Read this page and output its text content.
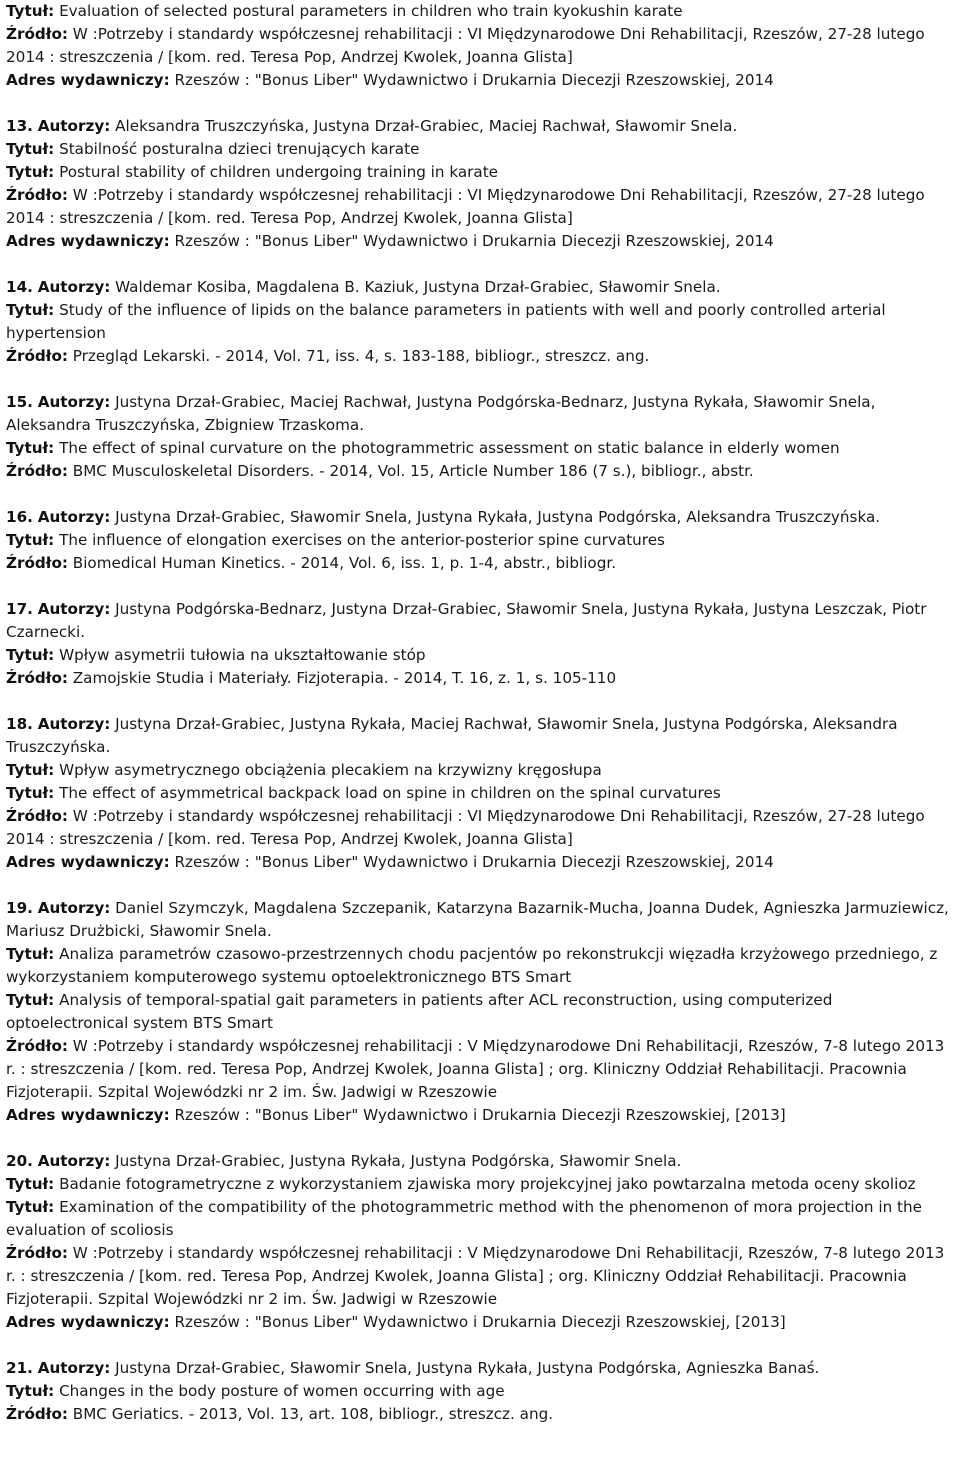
Tytuł: Evaluation of selected postural parameters in children who train kyokushin karate

Źródło: W :Potrzeby i standardy współczesnej rehabilitacji : VI Międzynarodowe Dni Rehabilitacji, Rzeszów, 27-28 lutego 2014 : streszczenia / [kom. red. Teresa Pop, Andrzej Kwolek, Joanna Glista]

Adres wydawniczy: Rzeszów : "Bonus Liber" Wydawnictwo i Drukarnia Diecezji Rzeszowskiej, 2014

13. Autorzy: Aleksandra Truszczyńska, Justyna Drzał-Grabiec, Maciej Rachwał, Sławomir Snela.

Tytuł: Stabilność posturalna dzieci trenujących karate

Tytuł: Postural stability of children undergoing training in karate

Źródło: W :Potrzeby i standardy współczesnej rehabilitacji : VI Międzynarodowe Dni Rehabilitacji, Rzeszów, 27-28 lutego 2014 : streszczenia / [kom. red. Teresa Pop, Andrzej Kwolek, Joanna Glista]

Adres wydawniczy: Rzeszów : "Bonus Liber" Wydawnictwo i Drukarnia Diecezji Rzeszowskiej, 2014

14. Autorzy: Waldemar Kosiba, Magdalena B. Kaziuk, Justyna Drzał-Grabiec, Sławomir Snela.

Tytuł: Study of the influence of lipids on the balance parameters in patients with well and poorly controlled arterial hypertension

Źródło: Przegląd Lekarski. - 2014, Vol. 71, iss. 4, s. 183-188, bibliogr., streszcz. ang.

15. Autorzy: Justyna Drzał-Grabiec, Maciej Rachwał, Justyna Podgórska-Bednarz, Justyna Rykała, Sławomir Snela, Aleksandra Truszczyńska, Zbigniew Trzaskoma.

Tytuł: The effect of spinal curvature on the photogrammetric assessment on static balance in elderly women

Źródło: BMC Musculoskeletal Disorders. - 2014, Vol. 15, Article Number 186 (7 s.), bibliogr., abstr.

16. Autorzy: Justyna Drzał-Grabiec, Sławomir Snela, Justyna Rykała, Justyna Podgórska, Aleksandra Truszczyńska.

Tytuł: The influence of elongation exercises on the anterior-posterior spine curvatures

Źródło: Biomedical Human Kinetics. - 2014, Vol. 6, iss. 1, p. 1-4, abstr., bibliogr.

17. Autorzy: Justyna Podgórska-Bednarz, Justyna Drzał-Grabiec, Sławomir Snela, Justyna Rykała, Justyna Leszczak, Piotr Czarnecki.

Tytuł: Wpływ asymetrii tułowia na ukształtowanie stóp

Źródło: Zamojskie Studia i Materiały. Fizjoterapia. - 2014, T. 16, z. 1, s. 105-110

18. Autorzy: Justyna Drzał-Grabiec, Justyna Rykała, Maciej Rachwał, Sławomir Snela, Justyna Podgórska, Aleksandra Truszczyńska.

Tytuł: Wpływ asymetrycznego obciążenia plecakiem na krzywizny kręgosłupa

Tytuł: The effect of asymmetrical backpack load on spine in children on the spinal curvatures

Źródło: W :Potrzeby i standardy współczesnej rehabilitacji : VI Międzynarodowe Dni Rehabilitacji, Rzeszów, 27-28 lutego 2014 : streszczenia / [kom. red. Teresa Pop, Andrzej Kwolek, Joanna Glista]

Adres wydawniczy: Rzeszów : "Bonus Liber" Wydawnictwo i Drukarnia Diecezji Rzeszowskiej, 2014

19. Autorzy: Daniel Szymczyk, Magdalena Szczepanik, Katarzyna Bazarnik-Mucha, Joanna Dudek, Agnieszka Jarmuziewicz, Mariusz Drużbicki, Sławomir Snela.

Tytuł: Analiza parametrów czasowo-przestrzennych chodu pacjentów po rekonstrukcji więzadła krzyżowego przedniego, z wykorzystaniem komputerowego systemu optoelektronicznego BTS Smart

Tytuł: Analysis of temporal-spatial gait parameters in patients after ACL reconstruction, using computerized optoelectronical system BTS Smart

Źródło: W :Potrzeby i standardy współczesnej rehabilitacji : V Międzynarodowe Dni Rehabilitacji, Rzeszów, 7-8 lutego 2013 r. : streszczenia / [kom. red. Teresa Pop, Andrzej Kwolek, Joanna Glista] ; org. Kliniczny Oddział Rehabilitacji. Pracownia Fizjoterapii. Szpital Wojewódzki nr 2 im. Św. Jadwigi w Rzeszowie

Adres wydawniczy: Rzeszów : "Bonus Liber" Wydawnictwo i Drukarnia Diecezji Rzeszowskiej, [2013]

20. Autorzy: Justyna Drzał-Grabiec, Justyna Rykała, Justyna Podgórska, Sławomir Snela.

Tytuł: Badanie fotogrametryczne z wykorzystaniem zjawiska mory projekcyjnej jako powtarzalna metoda oceny skolioz

Tytuł: Examination of the compatibility of the photogrammetric method with the phenomenon of mora projection in the evaluation of scoliosis

Źródło: W :Potrzeby i standardy współczesnej rehabilitacji : V Międzynarodowe Dni Rehabilitacji, Rzeszów, 7-8 lutego 2013 r. : streszczenia / [kom. red. Teresa Pop, Andrzej Kwolek, Joanna Glista] ; org. Kliniczny Oddział Rehabilitacji. Pracownia Fizjoterapii. Szpital Wojewódzki nr 2 im. Św. Jadwigi w Rzeszowie

Adres wydawniczy: Rzeszów : "Bonus Liber" Wydawnictwo i Drukarnia Diecezji Rzeszowskiej, [2013]

21. Autorzy: Justyna Drzał-Grabiec, Sławomir Snela, Justyna Rykała, Justyna Podgórska, Agnieszka Banaś.

Tytuł: Changes in the body posture of women occurring with age

Źródło: BMC Geriatics. - 2013, Vol. 13, art. 108, bibliogr., streszcz. ang.
